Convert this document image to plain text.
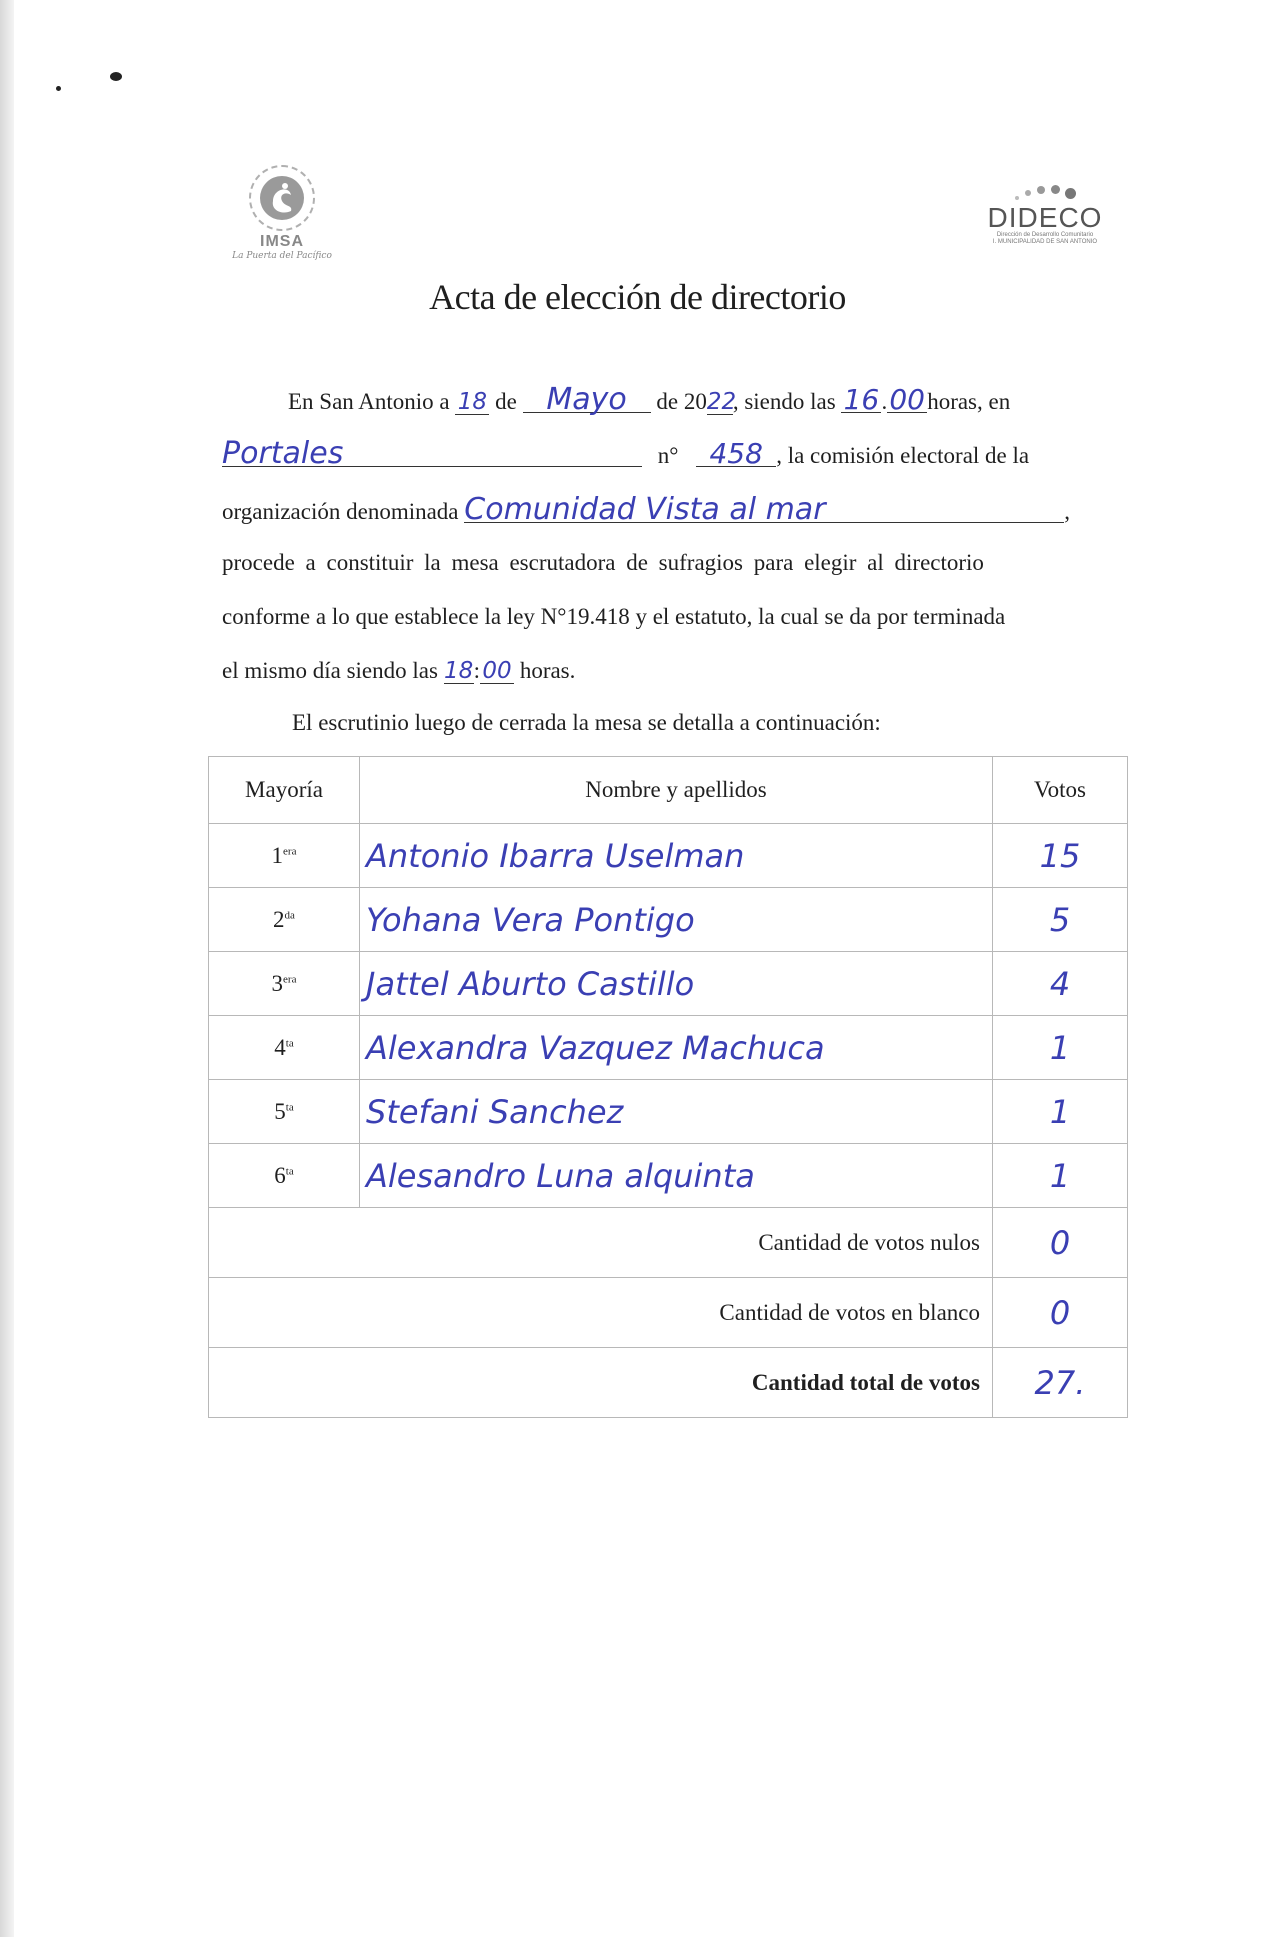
IMSA
La Puerta del Pacífico
DIDECO
Dirección de Desarrollo Comunitario
I. MUNICIPALIDAD DE SAN ANTONIO
Acta de elección de directorio
En San Antonio a 18 de Mayo de 2022, siendo las 16.00horas, en
Portales	n° 458 , la comisión electoral de la
organización denominada Comunidad Vista al mar	,
procede a constituir la mesa escrutadora de sufragios para elegir al directorio
conforme a lo que establece la ley N°19.418 y el estatuto, la cual se da por terminada
el mismo día siendo las 18: 00 horas.
El escrutinio luego de cerrada la mesa se detalla a continuación:
Mayoría	Nombre y apellidos	Votos
$1^{era}$	Antonio Ibarra Uselman	15
$2^{da}$	Yohana Vera Pontigo	5
$3^{era}$	Jattel Aburto Castillo	4
$4^{ta}$	Alexandra Vazquez Machuca	1
$5^{ta}$	Stefani Sanchez	1
$6^{ta}$	Alesandro Luna alquinta	1
Cantidad de votos nulos		0
Cantidad de votos en blanco		0
Cantidad total de votos		27.
